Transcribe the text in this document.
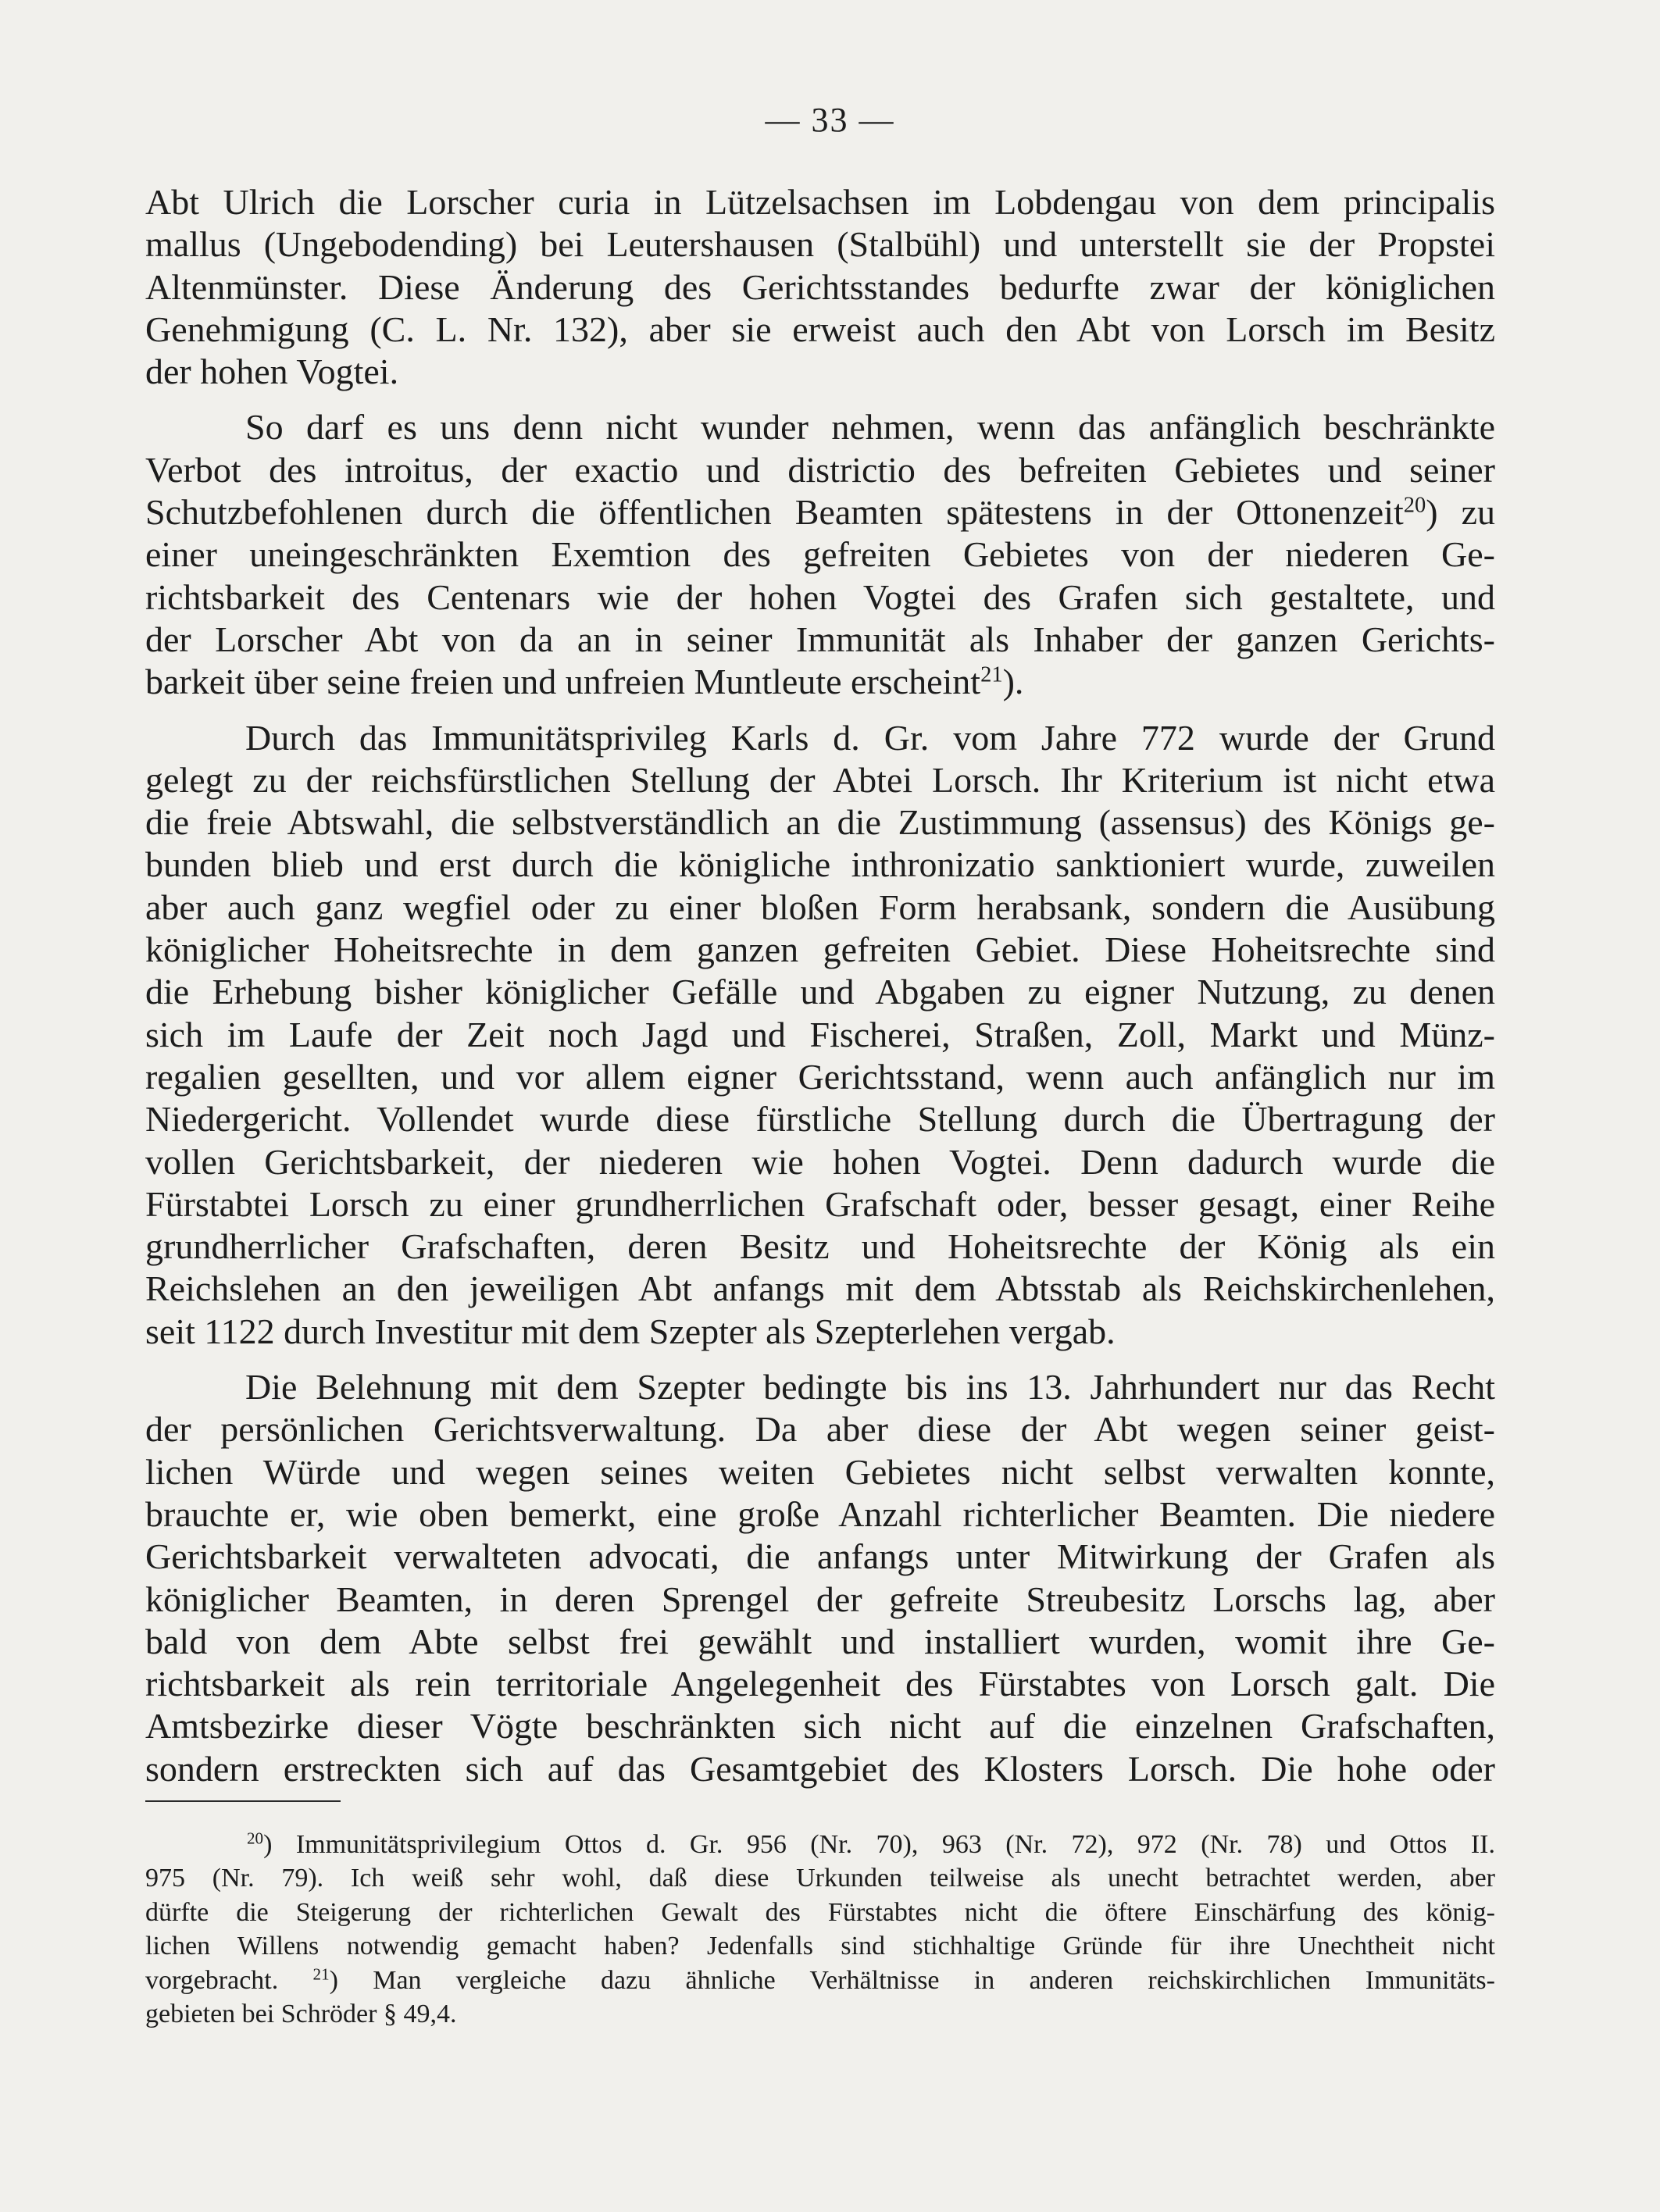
— 33 —
Abt Ulrich die Lorscher curia in Lützelsachsen im Lobdengau von dem principalis
mallus (Ungebodending) bei Leutershausen (Stalbühl) und unterstellt sie der Propstei
Altenmünster. Diese Änderung des Gerichtsstandes bedurfte zwar der königlichen
Genehmigung (C. L. Nr. 132), aber sie erweist auch den Abt von Lorsch im Besitz
der hohen Vogtei.
So darf es uns denn nicht wunder nehmen, wenn das anfänglich beschränkte
Verbot des introitus, der exactio und districtio des befreiten Gebietes und seiner
Schutzbefohlenen durch die öffentlichen Beamten spätestens in der Ottonenzeit$^{20}$) zu
einer uneingeschränkten Exemtion des gefreiten Gebietes von der niederen Ge-
richtsbarkeit des Centenars wie der hohen Vogtei des Grafen sich gestaltete, und
der Lorscher Abt von da an in seiner Immunität als Inhaber der ganzen Gerichts-
barkeit über seine freien und unfreien Muntleute erscheint$^{21}$).
Durch das Immunitätsprivileg Karls d. Gr. vom Jahre 772 wurde der Grund
gelegt zu der reichsfürstlichen Stellung der Abtei Lorsch. Ihr Kriterium ist nicht etwa
die freie Abtswahl, die selbstverständlich an die Zustimmung (assensus) des Königs ge-
bunden blieb und erst durch die königliche inthronizatio sanktioniert wurde, zuweilen
aber auch ganz wegfiel oder zu einer bloßen Form herabsank, sondern die Ausübung
königlicher Hoheitsrechte in dem ganzen gefreiten Gebiet. Diese Hoheitsrechte sind
die Erhebung bisher königlicher Gefälle und Abgaben zu eigner Nutzung, zu denen
sich im Laufe der Zeit noch Jagd und Fischerei, Straßen, Zoll, Markt und Münz-
regalien gesellten, und vor allem eigner Gerichtsstand, wenn auch anfänglich nur im
Niedergericht. Vollendet wurde diese fürstliche Stellung durch die Übertragung der
vollen Gerichtsbarkeit, der niederen wie hohen Vogtei. Denn dadurch wurde die
Fürstabtei Lorsch zu einer grundherrlichen Grafschaft oder, besser gesagt, einer Reihe
grundherrlicher Grafschaften, deren Besitz und Hoheitsrechte der König als ein
Reichslehen an den jeweiligen Abt anfangs mit dem Abtsstab als Reichskirchenlehen,
seit 1122 durch Investitur mit dem Szepter als Szepterlehen vergab.
Die Belehnung mit dem Szepter bedingte bis ins 13. Jahrhundert nur das Recht
der persönlichen Gerichtsverwaltung. Da aber diese der Abt wegen seiner geist-
lichen Würde und wegen seines weiten Gebietes nicht selbst verwalten konnte,
brauchte er, wie oben bemerkt, eine große Anzahl richterlicher Beamten. Die niedere
Gerichtsbarkeit verwalteten advocati, die anfangs unter Mitwirkung der Grafen als
königlicher Beamten, in deren Sprengel der gefreite Streubesitz Lorschs lag, aber
bald von dem Abte selbst frei gewählt und installiert wurden, womit ihre Ge-
richtsbarkeit als rein territoriale Angelegenheit des Fürstabtes von Lorsch galt. Die
Amtsbezirke dieser Vögte beschränkten sich nicht auf die einzelnen Grafschaften,
sondern erstreckten sich auf das Gesamtgebiet des Klosters Lorsch. Die hohe oder
$^{20}$) Immunitätsprivilegium Ottos d. Gr. 956 (Nr. 70), 963 (Nr. 72), 972 (Nr. 78) und Ottos II.
975 (Nr. 79). Ich weiß sehr wohl, daß diese Urkunden teilweise als unecht betrachtet werden, aber
dürfte die Steigerung der richterlichen Gewalt des Fürstabtes nicht die öftere Einschärfung des könig-
lichen Willens notwendig gemacht haben? Jedenfalls sind stichhaltige Gründe für ihre Unechtheit nicht
vorgebracht. $^{21}$) Man vergleiche dazu ähnliche Verhältnisse in anderen reichskirchlichen Immunitäts-
gebieten bei Schröder § 49,4.
